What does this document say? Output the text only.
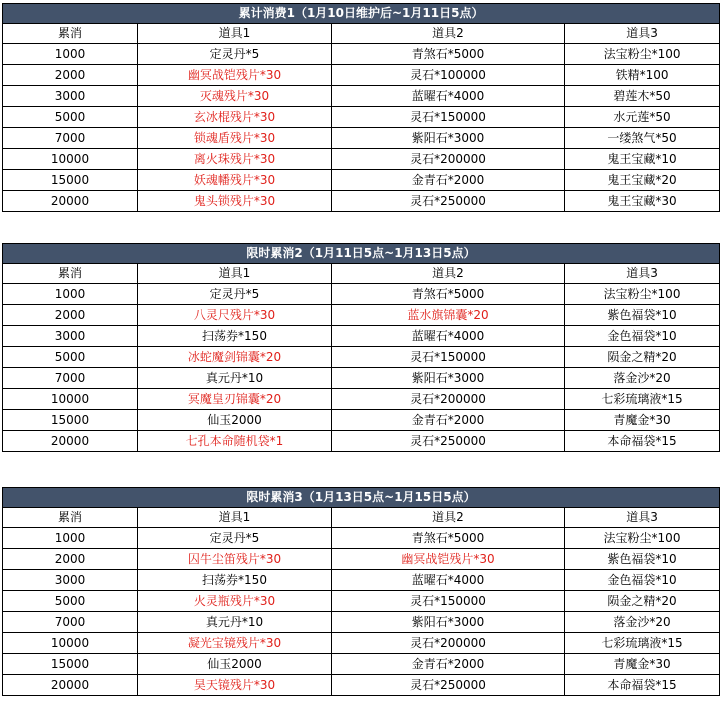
累计消费1（1月10日维护后~1月11日5点）			
累消	道具1	道具2	道具3
1000	定灵丹*5	青煞石*5000	法宝粉尘*100
2000	幽冥战铠残片*30	灵石*100000	铁精*100
3000	灭魂残片*30	蓝曜石*4000	碧莲木*50
5000	玄冰棍残片*30	灵石*150000	水元莲*50
7000	锁魂盾残片*30	紫阳石*3000	一缕煞气*50
10000	离火珠残片*30	灵石*200000	鬼王宝藏*10
15000	妖魂幡残片*30	金青石*2000	鬼王宝藏*20
20000	鬼头锁残片*30	灵石*250000	鬼王宝藏*30
限时累消2（1月11日5点~1月13日5点）			
累消	道具1	道具2	道具3
1000	定灵丹*5	青煞石*5000	法宝粉尘*100
2000	八灵尺残片*30	蓝水旗锦囊*20	紫色福袋*10
3000	扫荡券*150	蓝曜石*4000	金色福袋*10
5000	冰蛇魔剑锦囊*20	灵石*150000	陨金之精*20
7000	真元丹*10	紫阳石*3000	落金沙*20
10000	冥魔皇刃锦囊*20	灵石*200000	七彩琉璃液*15
15000	仙玉2000	金青石*2000	青魔金*30
20000	七孔本命随机袋*1	灵石*250000	本命福袋*15
限时累消3（1月13日5点~1月15日5点）			
累消	道具1	道具2	道具3
1000	定灵丹*5	青煞石*5000	法宝粉尘*100
2000	囚牛尘笛残片*30	幽冥战铠残片*30	紫色福袋*10
3000	扫荡券*150	蓝曜石*4000	金色福袋*10
5000	火灵瓶残片*30	灵石*150000	陨金之精*20
7000	真元丹*10	紫阳石*3000	落金沙*20
10000	凝光宝镜残片*30	灵石*200000	七彩琉璃液*15
15000	仙玉2000	金青石*2000	青魔金*30
20000	昊天镜残片*30	灵石*250000	本命福袋*15
